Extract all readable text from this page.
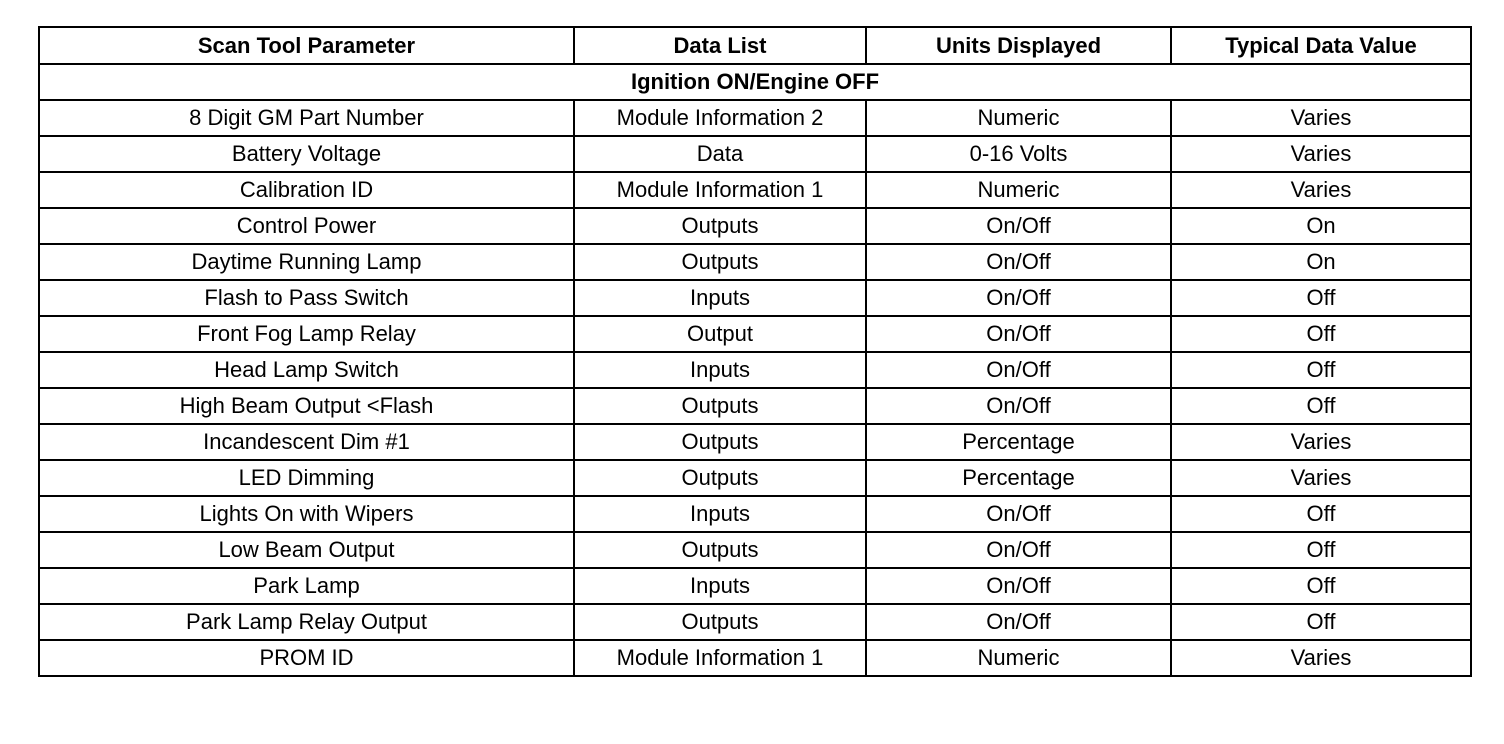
Scan Tool Parameter	Data List	Units Displayed	Typical Data Value
Ignition ON/Engine OFF			
8 Digit GM Part Number	Module Information 2	Numeric	Varies
Battery Voltage	Data	0-16 Volts	Varies
Calibration ID	Module Information 1	Numeric	Varies
Control Power	Outputs	On/Off	On
Daytime Running Lamp	Outputs	On/Off	On
Flash to Pass Switch	Inputs	On/Off	Off
Front Fog Lamp Relay	Output	On/Off	Off
Head Lamp Switch	Inputs	On/Off	Off
High Beam Output <Flash	Outputs	On/Off	Off
Incandescent Dim #1	Outputs	Percentage	Varies
LED Dimming	Outputs	Percentage	Varies
Lights On with Wipers	Inputs	On/Off	Off
Low Beam Output	Outputs	On/Off	Off
Park Lamp	Inputs	On/Off	Off
Park Lamp Relay Output	Outputs	On/Off	Off
PROM ID	Module Information 1	Numeric	Varies
